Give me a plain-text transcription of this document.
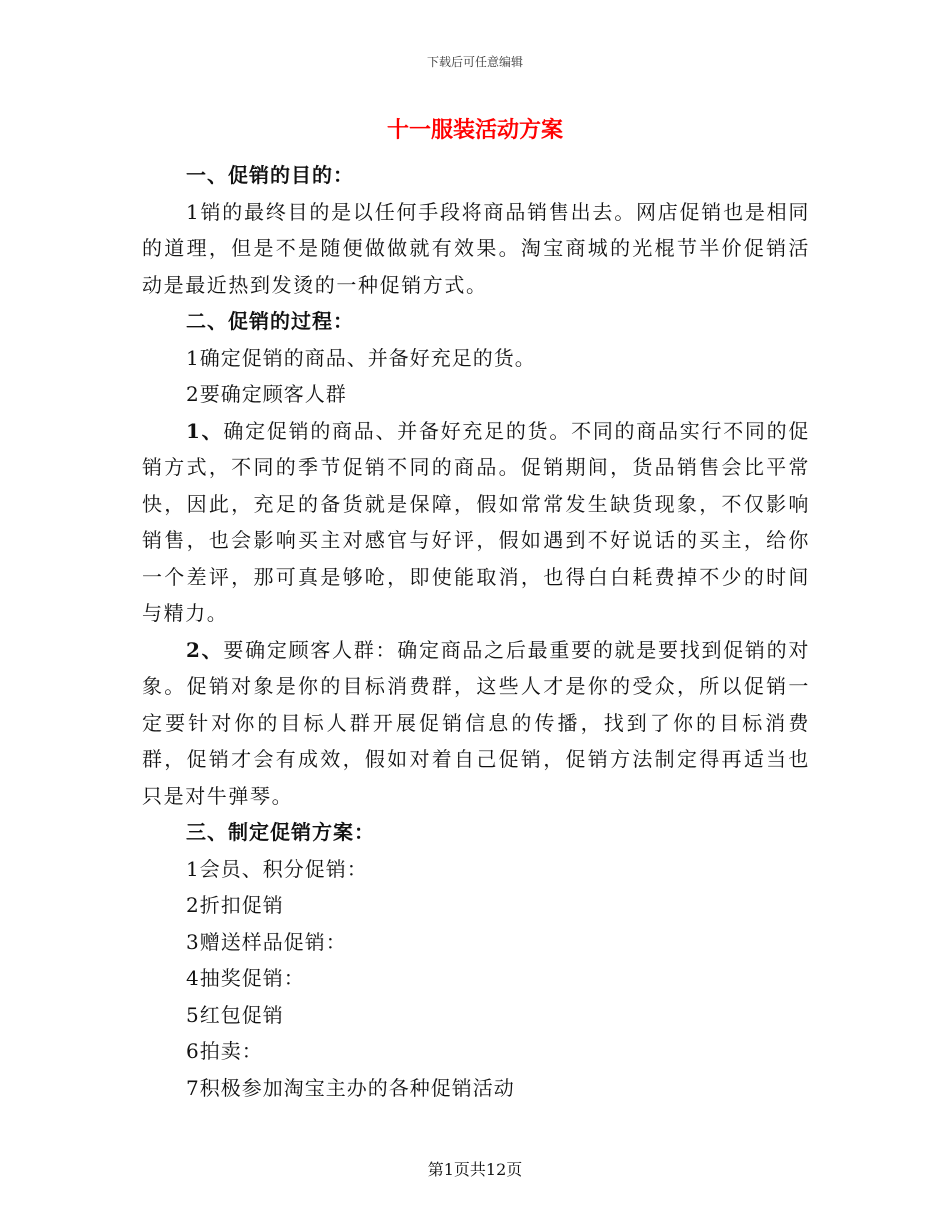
下载后可任意编辑
十一服装活动方案
一、促销的目的：
1销的最终目的是以任何手段将商品销售出去。网店促销也是相同的道理，但是不是随便做做就有效果。淘宝商城的光棍节半价促销活动是最近热到发烫的一种促销方式。
二、促销的过程：
1确定促销的商品、并备好充足的货。
2要确定顾客人群
1、确定促销的商品、并备好充足的货。不同的商品实行不同的促销方式，不同的季节促销不同的商品。促销期间，货品销售会比平常快，因此，充足的备货就是保障，假如常常发生缺货现象，不仅影响销售，也会影响买主对感官与好评，假如遇到不好说话的买主，给你一个差评，那可真是够呛，即使能取消，也得白白耗费掉不少的时间与精力。
2、要确定顾客人群：确定商品之后最重要的就是要找到促销的对象。促销对象是你的目标消费群，这些人才是你的受众，所以促销一定要针对你的目标人群开展促销信息的传播，找到了你的目标消费群，促销才会有成效，假如对着自己促销，促销方法制定得再适当也只是对牛弹琴。
三、制定促销方案：
1会员、积分促销：
2折扣促销
3赠送样品促销：
4抽奖促销：
5红包促销
6拍卖：
7积极参加淘宝主办的各种促销活动
第1页共12页
